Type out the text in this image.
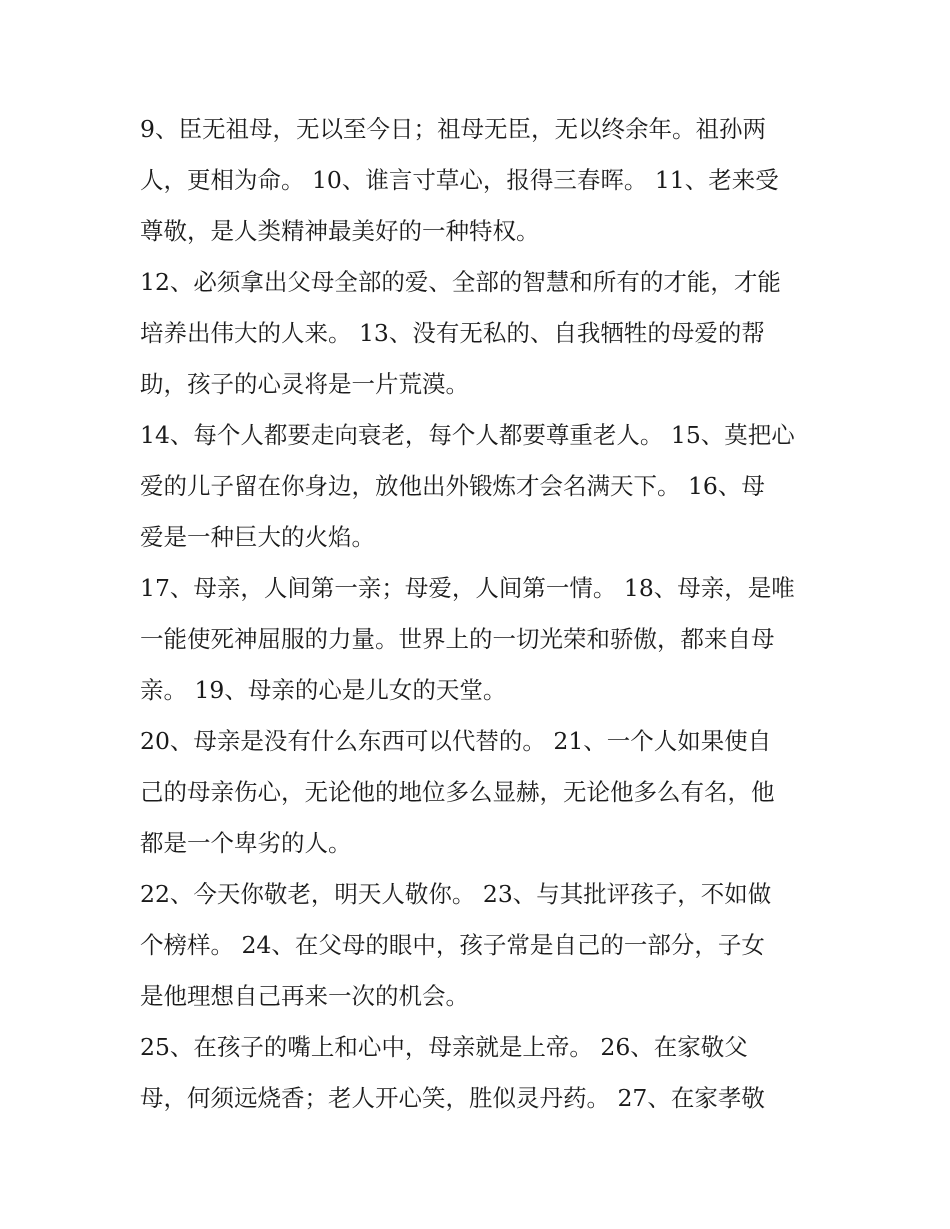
9、臣无祖母，无以至今日；祖母无臣，无以终余年。祖孙两
人，更相为命。 10、谁言寸草心，报得三春晖。 11、老来受
尊敬，是人类精神最美好的一种特权。
12、必须拿出父母全部的爱、全部的智慧和所有的才能，才能
培养出伟大的人来。 13、没有无私的、自我牺牲的母爱的帮
助，孩子的心灵将是一片荒漠。
14、每个人都要走向衰老，每个人都要尊重老人。 15、莫把心
爱的儿子留在你身边，放他出外锻炼才会名满天下。 16、母
爱是一种巨大的火焰。
17、母亲，人间第一亲；母爱，人间第一情。 18、母亲，是唯
一能使死神屈服的力量。世界上的一切光荣和骄傲，都来自母
亲。 19、母亲的心是儿女的天堂。
20、母亲是没有什么东西可以代替的。 21、一个人如果使自
己的母亲伤心，无论他的地位多么显赫，无论他多么有名，他
都是一个卑劣的人。
22、今天你敬老，明天人敬你。 23、与其批评孩子，不如做
个榜样。 24、在父母的眼中，孩子常是自己的一部分，子女
是他理想自己再来一次的机会。
25、在孩子的嘴上和心中，母亲就是上帝。 26、在家敬父
母，何须远烧香；老人开心笑，胜似灵丹药。 27、在家孝敬
